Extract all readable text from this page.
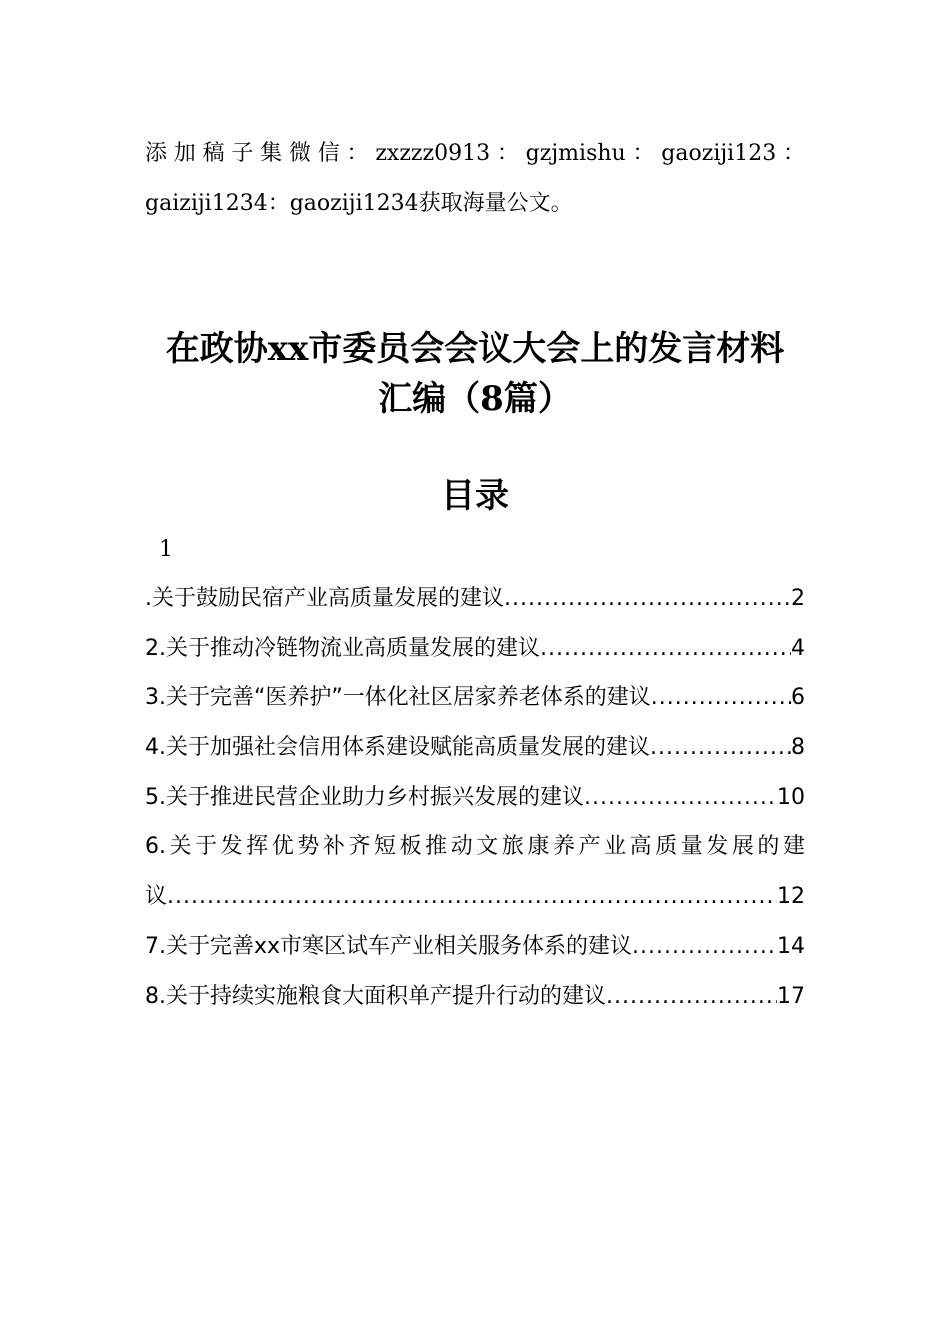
添加稿子集微信：zxzzz0913：gzjmishu：gaoziji123：
gaiziji1234：gaoziji1234获取海量公文。
在政协xx市委员会会议大会上的发言材料
汇编（8篇）
目录
1
.关于鼓励民宿产业高质量发展的建议 .....	2
2.关于推动冷链物流业高质量发展的建议 .....	4
3.关于完善“医养护”一体化社区居家养老体系的建议 .....	6
4.关于加强社会信用体系建设赋能高质量发展的建议 .....	8
5.关于推进民营企业助力乡村振兴发展的建议 .....	10
6.关于发挥优势补齐短板推动文旅康养产业高质量发展的建
议 .....	12
7.关于完善xx市寒区试车产业相关服务体系的建议 .....	14
8.关于持续实施粮食大面积单产提升行动的建议 .....	17
